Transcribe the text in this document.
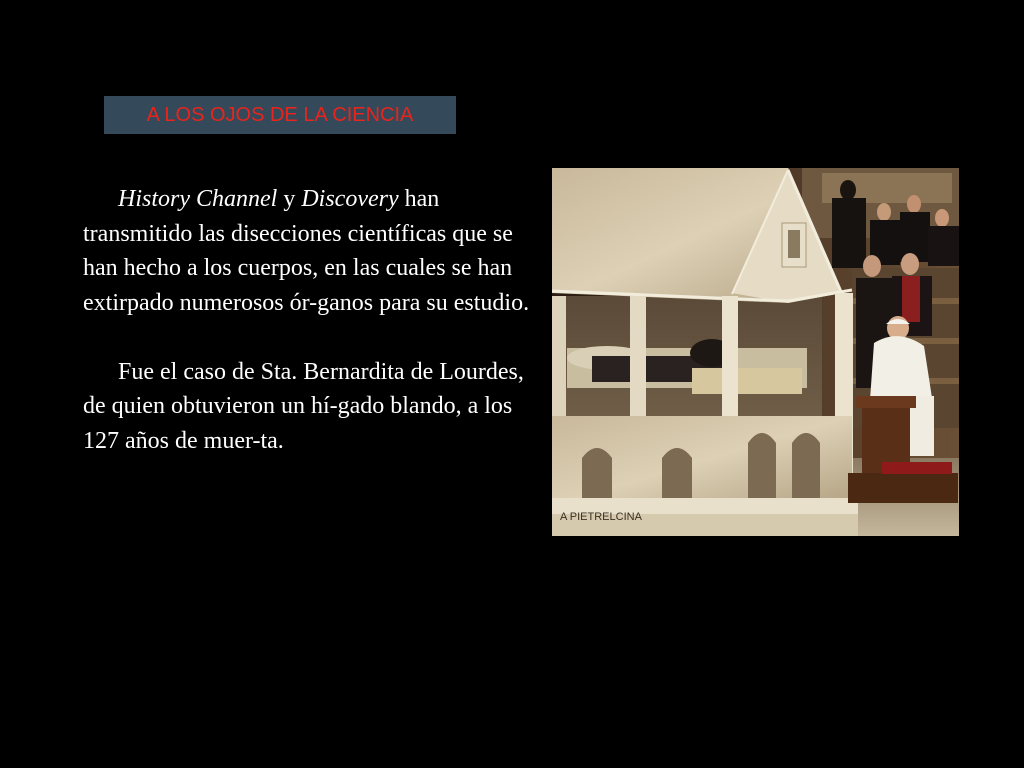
A LOS OJOS DE LA CIENCIA

History Channel y Discovery han transmitido las disecciones científicas que se han hecho a los cuerpos, en las cuales se han extirpado numerosos ór-ganos para su estudio.

Fue el caso de Sta. Bernardita de Lourdes, de quien obtuvieron un hí-gado blando, a los 127 años de muer-ta.

A PIETRELCINA
